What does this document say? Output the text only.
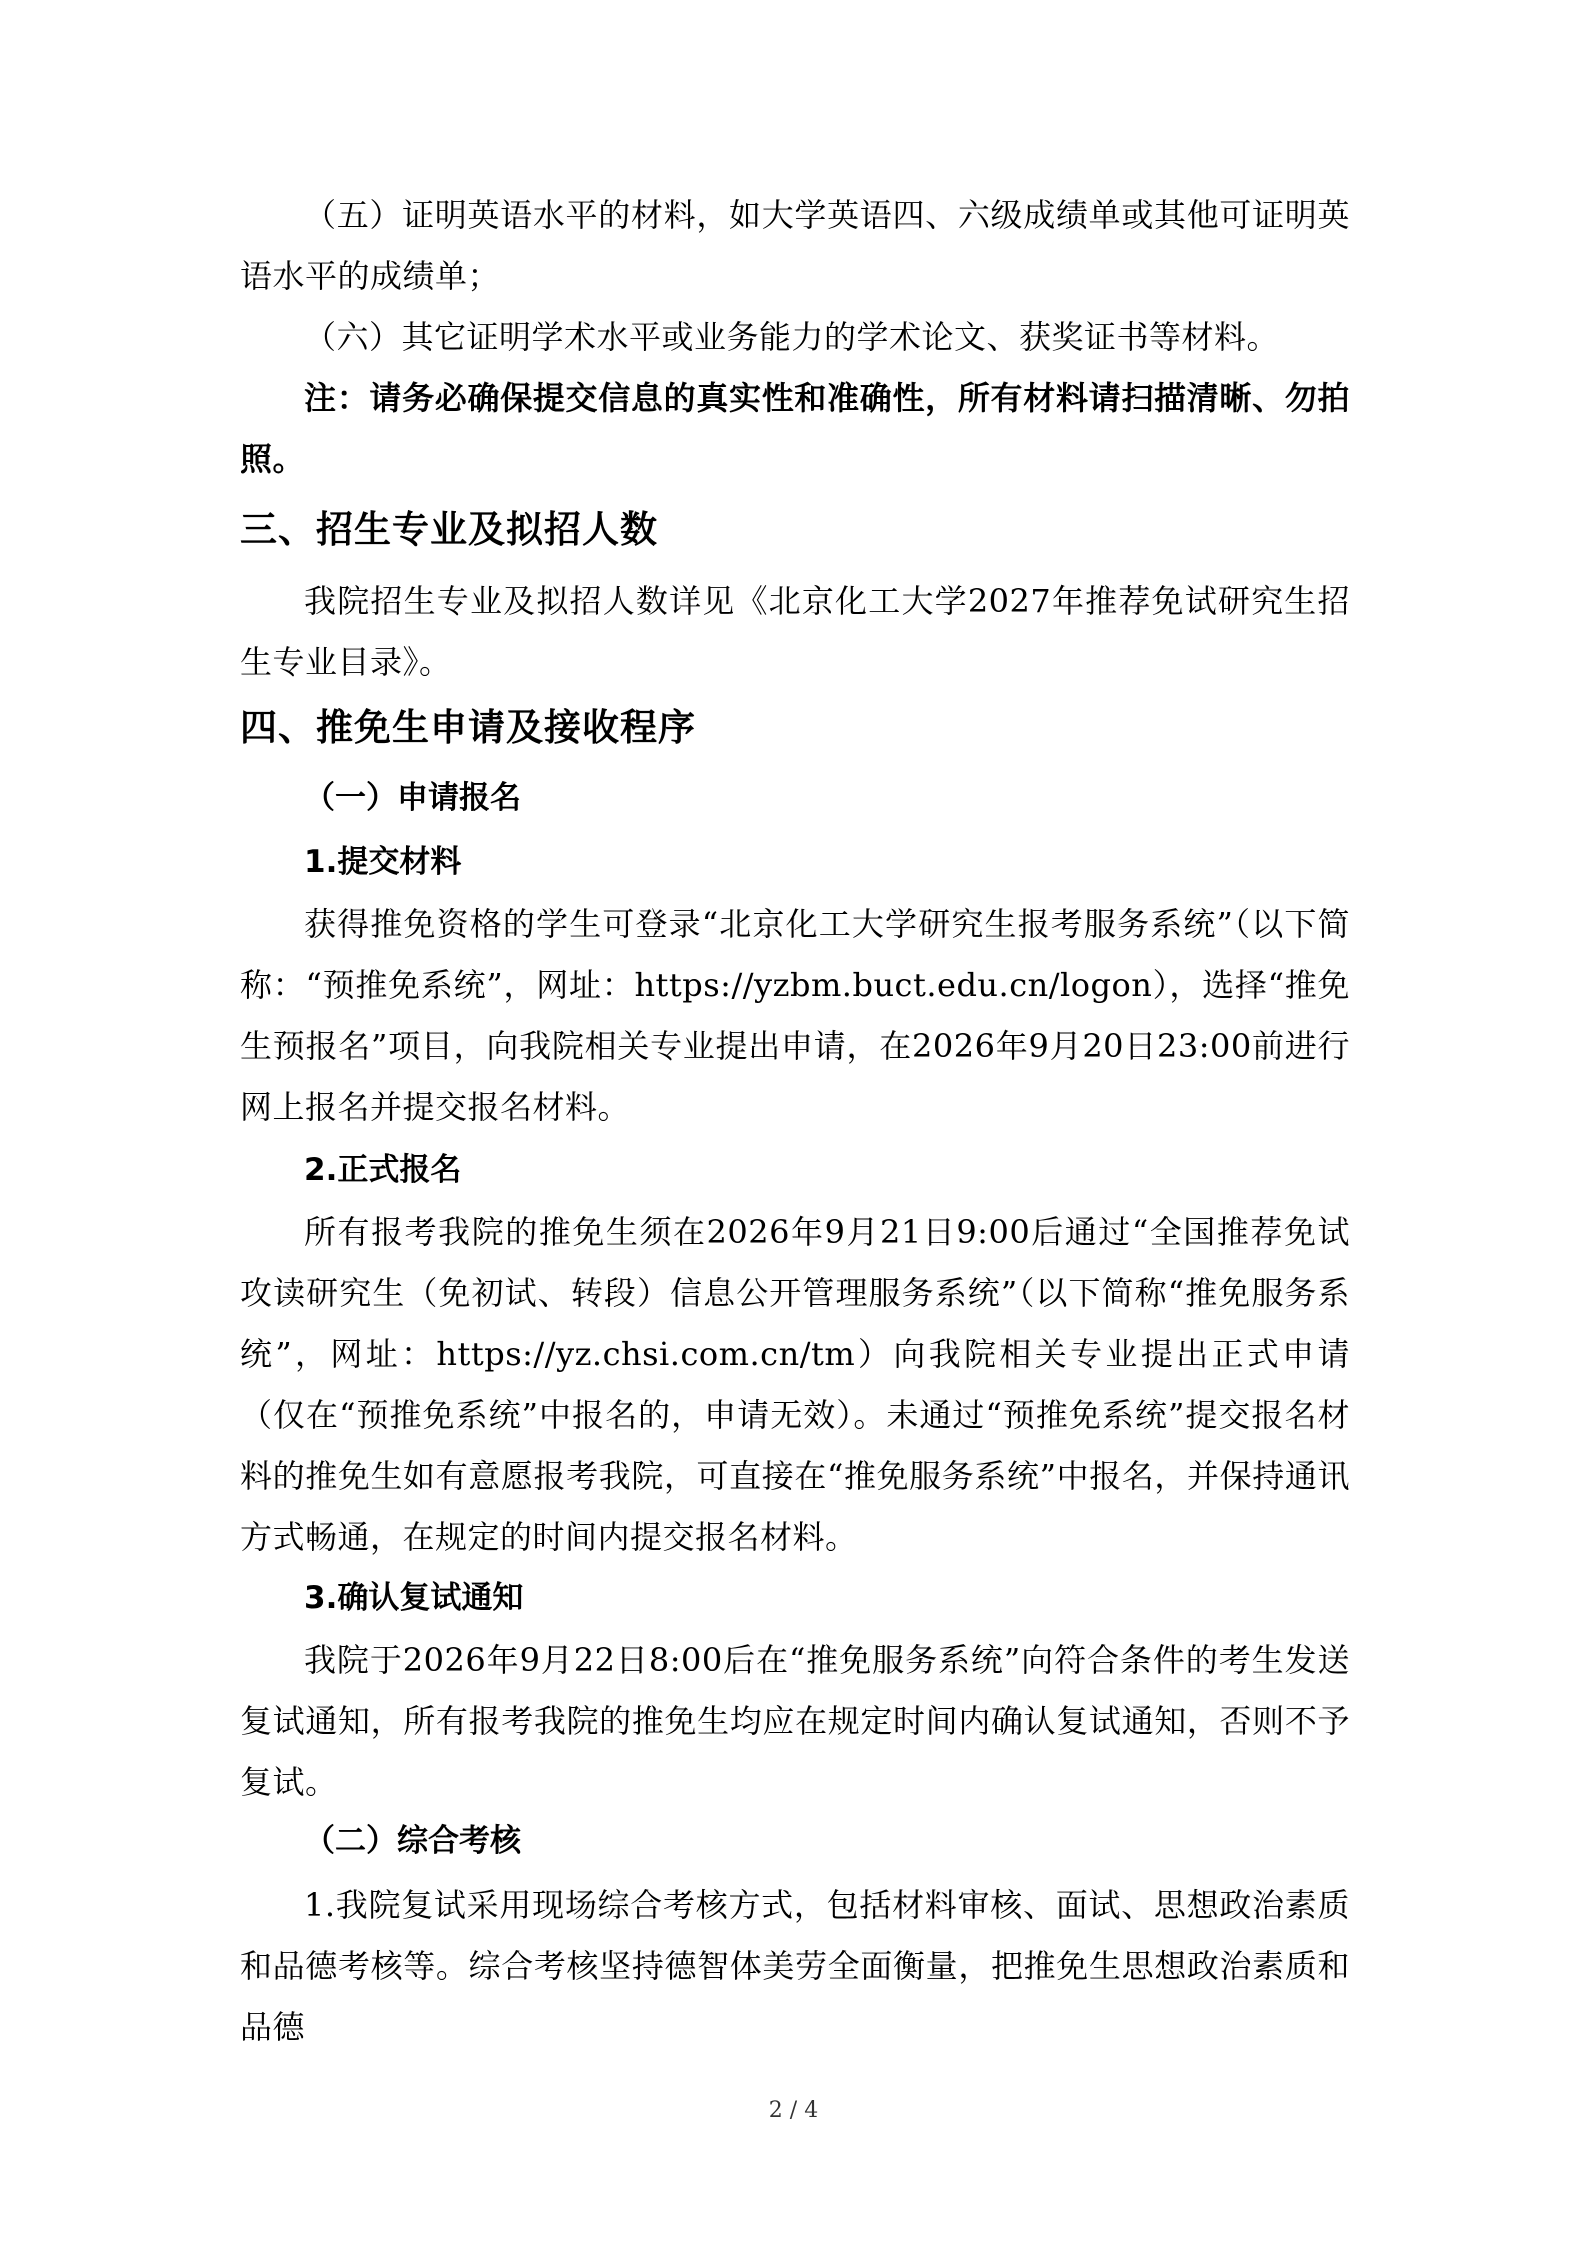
（五）证明英语水平的材料，如大学英语四、六级成绩单或其他可证明英语水平的成绩单；

（六）其它证明学术水平或业务能力的学术论文、获奖证书等材料。

注：请务必确保提交信息的真实性和准确性，所有材料请扫描清晰、勿拍照。

三、招生专业及拟招人数

我院招生专业及拟招人数详见《北京化工大学2027年推荐免试研究生招生专业目录》。

四、推免生申请及接收程序
（一）申请报名
1.提交材料

获得推免资格的学生可登录“北京化工大学研究生报考服务系统”（以下简称：“预推免系统”，网址：https://yzbm.buct.edu.cn/logon），选择“推免生预报名”项目，向我院相关专业提出申请，在2026年9月20日23:00前进行网上报名并提交报名材料。

2.正式报名

所有报考我院的推免生须在2026年9月21日9:00后通过“全国推荐免试攻读研究生（免初试、转段）信息公开管理服务系统”（以下简称“推免服务系统”，网址：https://yz.chsi.com.cn/tm）向我院相关专业提出正式申请（仅在“预推免系统”中报名的，申请无效）。未通过“预推免系统”提交报名材料的推免生如有意愿报考我院，可直接在“推免服务系统”中报名，并保持通讯方式畅通，在规定的时间内提交报名材料。

3.确认复试通知

我院于2026年9月22日8:00后在“推免服务系统”向符合条件的考生发送复试通知，所有报考我院的推免生均应在规定时间内确认复试通知，否则不予复试。

（二）综合考核

1.我院复试采用现场综合考核方式，包括材料审核、面试、思想政治素质和品德考核等。综合考核坚持德智体美劳全面衡量，把推免生思想政治素质和品德

2 / 4
